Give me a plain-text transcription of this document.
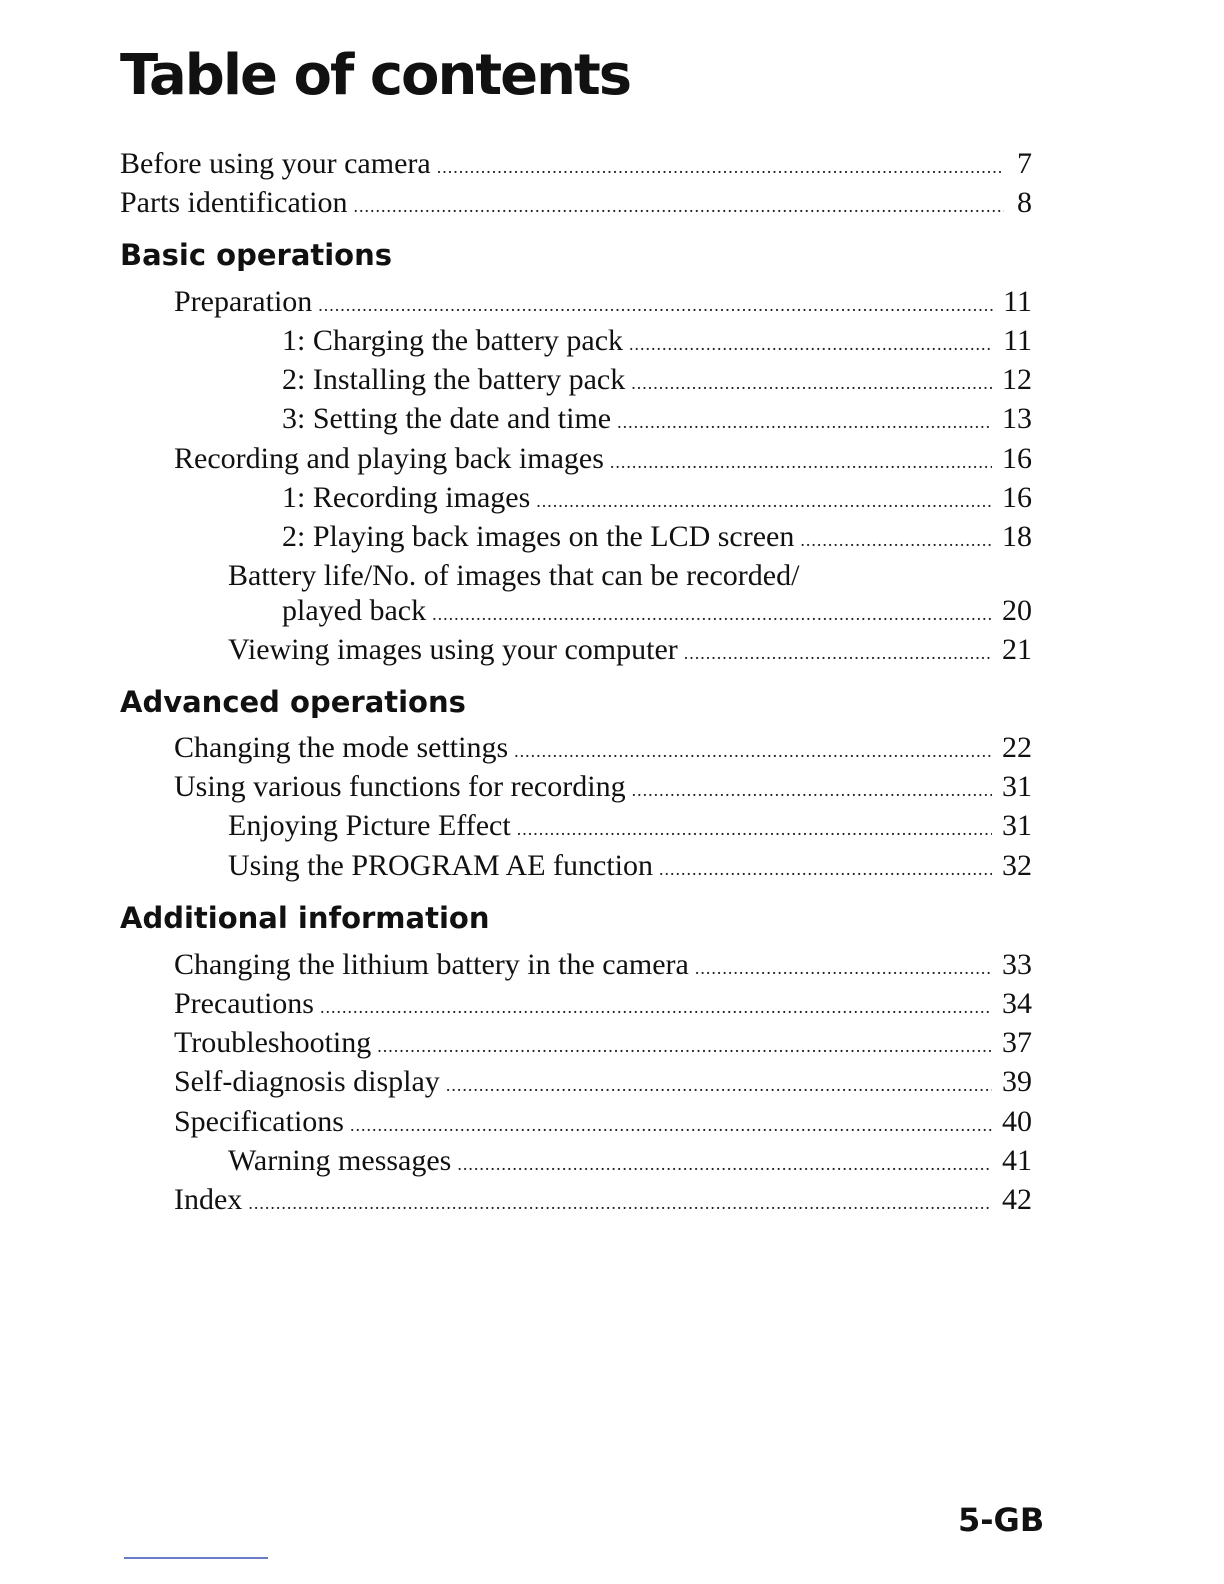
Table of contents
Before using your camera .....	7
Parts identification .....	8
Basic operations
Preparation .....	11
1: Charging the battery pack .....	11
2: Installing the battery pack .....	12
3: Setting the date and time .....	13
Recording and playing back images .....	16
1: Recording images .....	16
2: Playing back images on the LCD screen .....	18
Battery life/No. of images that can be recorded/
played back .....	20
Viewing images using your computer .....	21
Advanced operations
Changing the mode settings .....	22
Using various functions for recording .....	31
Enjoying Picture Effect .....	31
Using the PROGRAM AE function .....	32
Additional information
Changing the lithium battery in the camera .....	33
Precautions .....	34
Troubleshooting .....	37
Self-diagnosis display .....	39
Specifications .....	40
Warning messages .....	41
Index .....	42
5-GB
